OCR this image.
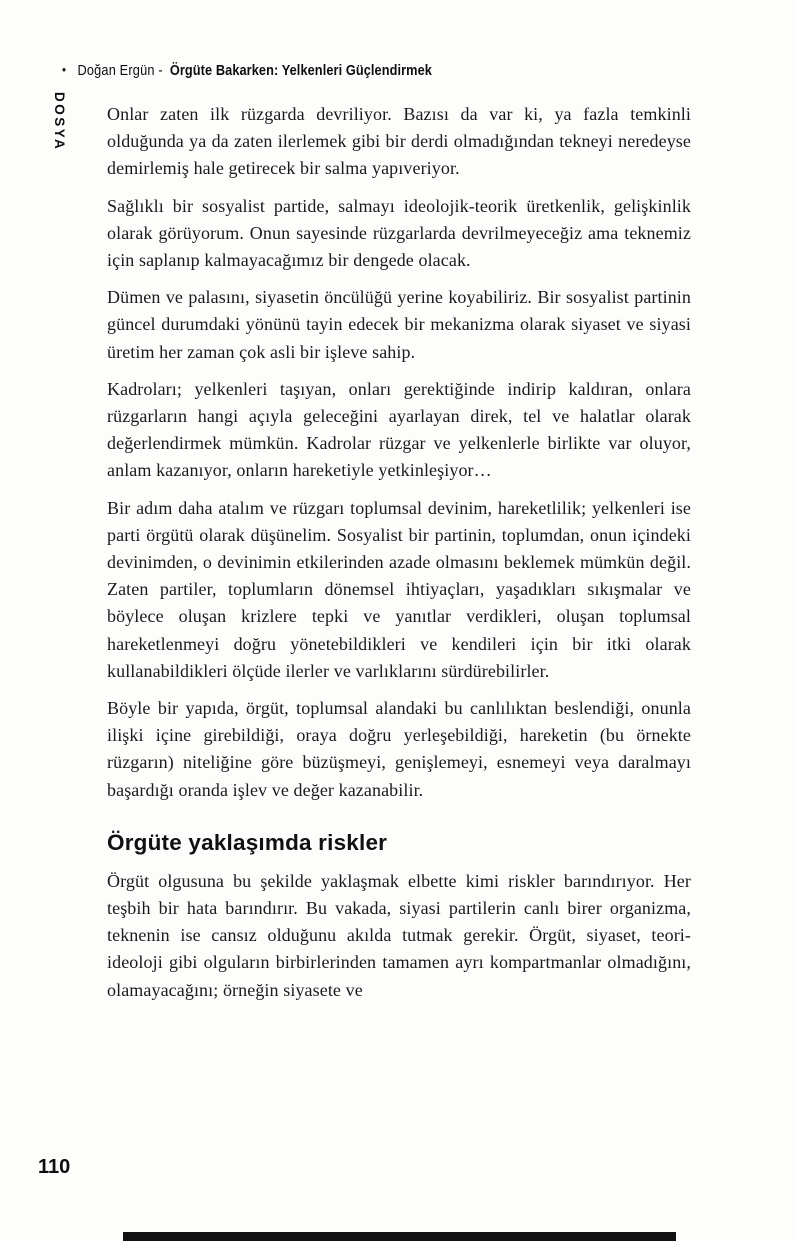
• Doğan Ergün - Örgüte Bakarken: Yelkenleri Güçlendirmek
DOSYA Onlar zaten ilk rüzgarda devriliyor. Bazısı da var ki, ya fazla temkinli olduğunda ya da zaten ilerlemek gibi bir derdi olmadığından tekneyi neredeyse demirlemiş hale getirecek bir salma yapıveriyor.

Sağlıklı bir sosyalist partide, salmayı ideolojik-teorik üretkenlik, gelişkinlik olarak görüyorum. Onun sayesinde rüzgarlarda devrilmeyeceğiz ama teknemiz için saplanıp kalmayacağımız bir dengede olacak.

Dümen ve palasını, siyasetin öncülüğü yerine koyabiliriz. Bir sosyalist partinin güncel durumdaki yönünü tayin edecek bir mekanizma olarak siyaset ve siyasi üretim her zaman çok asli bir işleve sahip.

Kadroları; yelkenleri taşıyan, onları gerektiğinde indirip kaldıran, onlara rüzgarların hangi açıyla geleceğini ayarlayan direk, tel ve halatlar olarak değerlendirmek mümkün. Kadrolar rüzgar ve yelkenlerle birlikte var oluyor, anlam kazanıyor, onların hareketiyle yetkinleşiyor…

Bir adım daha atalım ve rüzgarı toplumsal devinim, hareketlilik; yelkenleri ise parti örgütü olarak düşünelim. Sosyalist bir partinin, toplumdan, onun içindeki devinimden, o devinimin etkilerinden azade olmasını beklemek mümkün değil. Zaten partiler, toplumların dönemsel ihtiyaçları, yaşadıkları sıkışmalar ve böylece oluşan krizlere tepki ve yanıtlar verdikleri, oluşan toplumsal hareketlenmeyi doğru yönetebildikleri ve kendileri için bir itki olarak kullanabildikleri ölçüde ilerler ve varlıklarını sürdürebilirler.

Böyle bir yapıda, örgüt, toplumsal alandaki bu canlılıktan beslendiği, onunla ilişki içine girebildiği, oraya doğru yerleşebildiği, hareketin (bu örnekte rüzgarın) niteliğine göre büzüşmeyi, genişlemeyi, esnemeyi veya daralmayı başardığı oranda işlev ve değer kazanabilir.

Örgüte yaklaşımda riskler

Örgüt olgusuna bu şekilde yaklaşmak elbette kimi riskler barındırıyor. Her teşbih bir hata barındırır. Bu vakada, siyasi partilerin canlı birer organizma, teknenin ise cansız olduğunu akılda tutmak gerekir. Örgüt, siyaset, teori-ideoloji gibi olguların birbirlerinden tamamen ayrı kompartmanlar olmadığını, olamayacağını; örneğin siyasete ve

110
